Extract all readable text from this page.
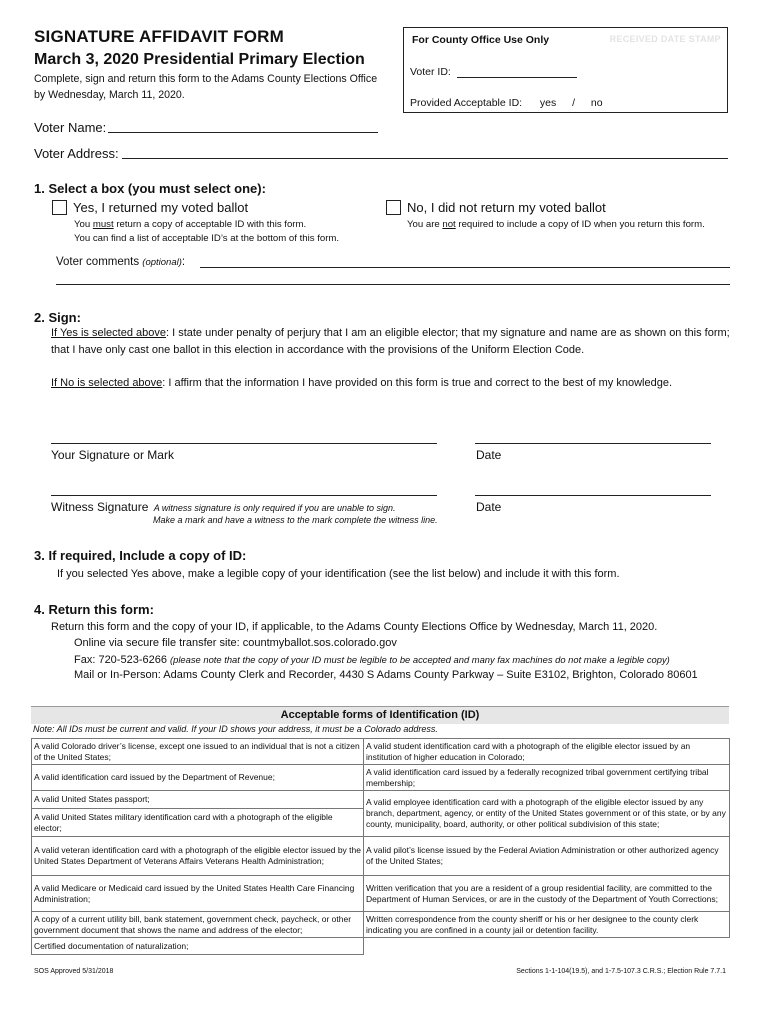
SIGNATURE AFFIDAVIT FORM
March 3, 2020 Presidential Primary Election
Complete, sign and return this form to the Adams County Elections Office by Wednesday, March 11, 2020.
For County Office Use Only	RECEIVED DATE STAMP
Voter ID:
Provided Acceptable ID: yes / no
Voter Name:
Voter Address:
1. Select a box (you must select one):
Yes, I returned my voted ballot
You must return a copy of acceptable ID with this form.
You can find a list of acceptable ID’s at the bottom of this form.
No, I did not return my voted ballot
You are not required to include a copy of ID when you return this form.
Voter comments (optional):
2. Sign:
If Yes is selected above: I state under penalty of perjury that I am an eligible elector; that my signature and name are as shown on this form; that I have only cast one ballot in this election in accordance with the provisions of the Uniform Election Code.
If No is selected above: I affirm that the information I have provided on this form is true and correct to the best of my knowledge.
Your Signature or Mark	Date
Witness Signature A witness signature is only required if you are unable to sign.
Make a mark and have a witness to the mark complete the witness line.
Date
3. If required, Include a copy of ID:
If you selected Yes above, make a legible copy of your identification (see the list below) and include it with this form.
4. Return this form:
Return this form and the copy of your ID, if applicable, to the Adams County Elections Office by Wednesday, March 11, 2020.
Online via secure file transfer site: countmyballot.sos.colorado.gov
Fax: 720-523-6266 (please note that the copy of your ID must be legible to be accepted and many fax machines do not make a legible copy)
Mail or In-Person: Adams County Clerk and Recorder, 4430 S Adams County Parkway – Suite E3102, Brighton, Colorado 80601
Acceptable forms of Identification (ID)
Note: All IDs must be current and valid. If your ID shows your address, it must be a Colorado address.
A valid Colorado driver’s license, except one issued to an individual that is not a citizen of the United States;	A valid student identification card with a photograph of the eligible elector issued by an institution of higher education in Colorado;
A valid identification card issued by the Department of Revenue;	A valid identification card issued by a federally recognized tribal government certifying tribal membership;
A valid United States passport;	A valid employee identification card with a photograph of the eligible elector issued by any branch, department, agency, or entity of the United States government or of this state, or by any county, municipality, board, authority, or other political subdivision of this state;
A valid United States military identification card with a photograph of the eligible elector;	
A valid veteran identification card with a photograph of the eligible elector issued by the United States Department of Veterans Affairs Veterans Health Administration;	A valid pilot’s license issued by the Federal Aviation Administration or other authorized agency of the United States;
A valid Medicare or Medicaid card issued by the United States Health Care Financing Administration;	Written verification that you are a resident of a group residential facility, are committed to the Department of Human Services, or are in the custody of the Department of Youth Corrections;
A copy of a current utility bill, bank statement, government check, paycheck, or other government document that shows the name and address of the elector;	Written correspondence from the county sheriff or his or her designee to the county clerk indicating you are confined in a county jail or detention facility.
Certified documentation of naturalization;	
SOS Approved 5/31/2018	Sections 1-1-104(19.5), and 1-7.5-107.3 C.R.S.; Election Rule 7.7.1
